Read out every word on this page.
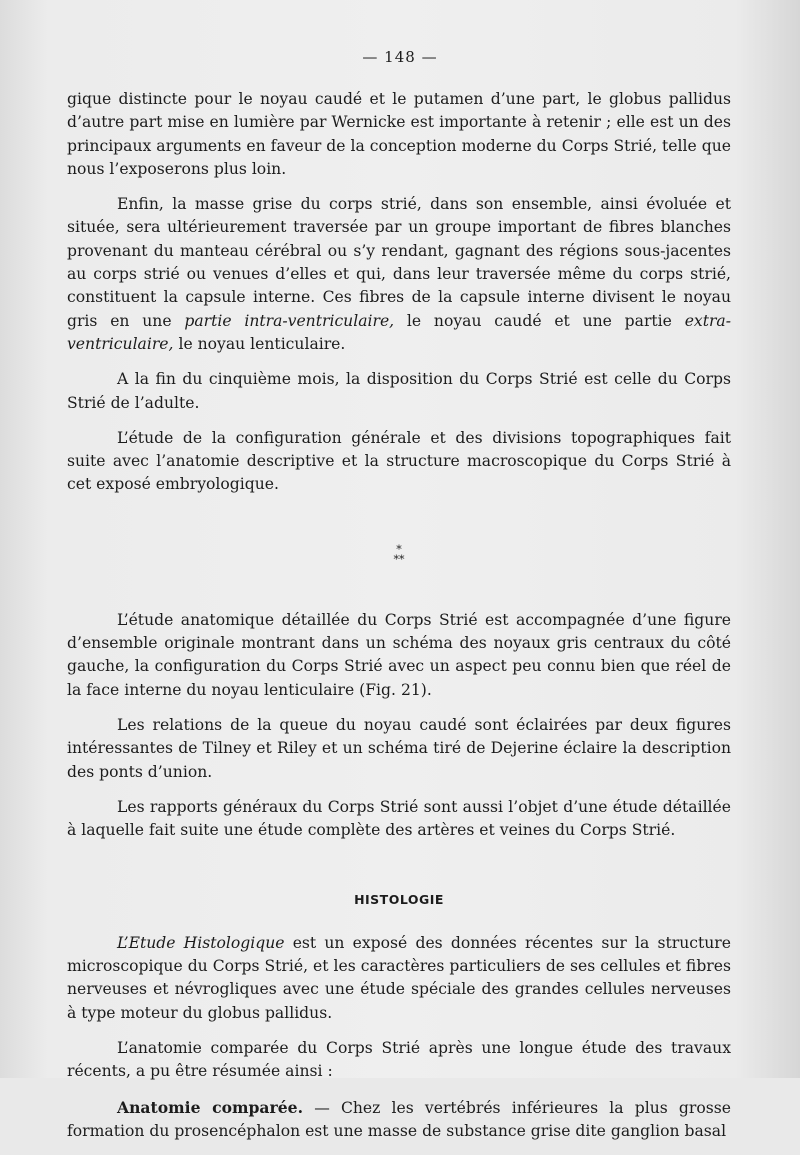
— 148 —

gique distincte pour le noyau caudé et le putamen d’une part, le globus pallidus d’autre part mise en lumière par Wernicke est importante à retenir ; elle est un des principaux arguments en faveur de la conception moderne du Corps Strié, telle que nous l’exposerons plus loin.

Enfin, la masse grise du corps strié, dans son ensemble, ainsi évoluée et située, sera ultérieurement traversée par un groupe important de fibres blanches provenant du manteau cérébral ou s’y rendant, gagnant des régions sous-jacentes au corps strié ou venues d’elles et qui, dans leur traversée même du corps strié, constituent la capsule interne. Ces fibres de la capsule interne divisent le noyau gris en une partie intra-ventriculaire, le noyau caudé et une partie extra-ventriculaire, le noyau lenticulaire.

A la fin du cinquième mois, la disposition du Corps Strié est celle du Corps Strié de l’adulte.

L’étude de la configuration générale et des divisions topographiques fait suite avec l’anatomie descriptive et la structure macroscopique du Corps Strié à cet exposé embryologique.

*
**

L’étude anatomique détaillée du Corps Strié est accompagnée d’une figure d’ensemble originale montrant dans un schéma des noyaux gris centraux du côté gauche, la configuration du Corps Strié avec un aspect peu connu bien que réel de la face interne du noyau lenticulaire (Fig. 21).

Les relations de la queue du noyau caudé sont éclairées par deux figures intéressantes de Tilney et Riley et un schéma tiré de Dejerine éclaire la description des ponts d’union.

Les rapports généraux du Corps Strié sont aussi l’objet d’une étude détaillée à laquelle fait suite une étude complète des artères et veines du Corps Strié.

HISTOLOGIE

L’Etude Histologique est un exposé des données récentes sur la structure microscopique du Corps Strié, et les caractères particuliers de ses cellules et fibres nerveuses et névrogliques avec une étude spéciale des grandes cellules nerveuses à type moteur du globus pallidus.

L’anatomie comparée du Corps Strié après une longue étude des travaux récents, a pu être résumée ainsi :

Anatomie comparée. — Chez les vertébrés inférieures la plus grosse formation du prosencéphalon est une masse de substance grise dite ganglion basal
